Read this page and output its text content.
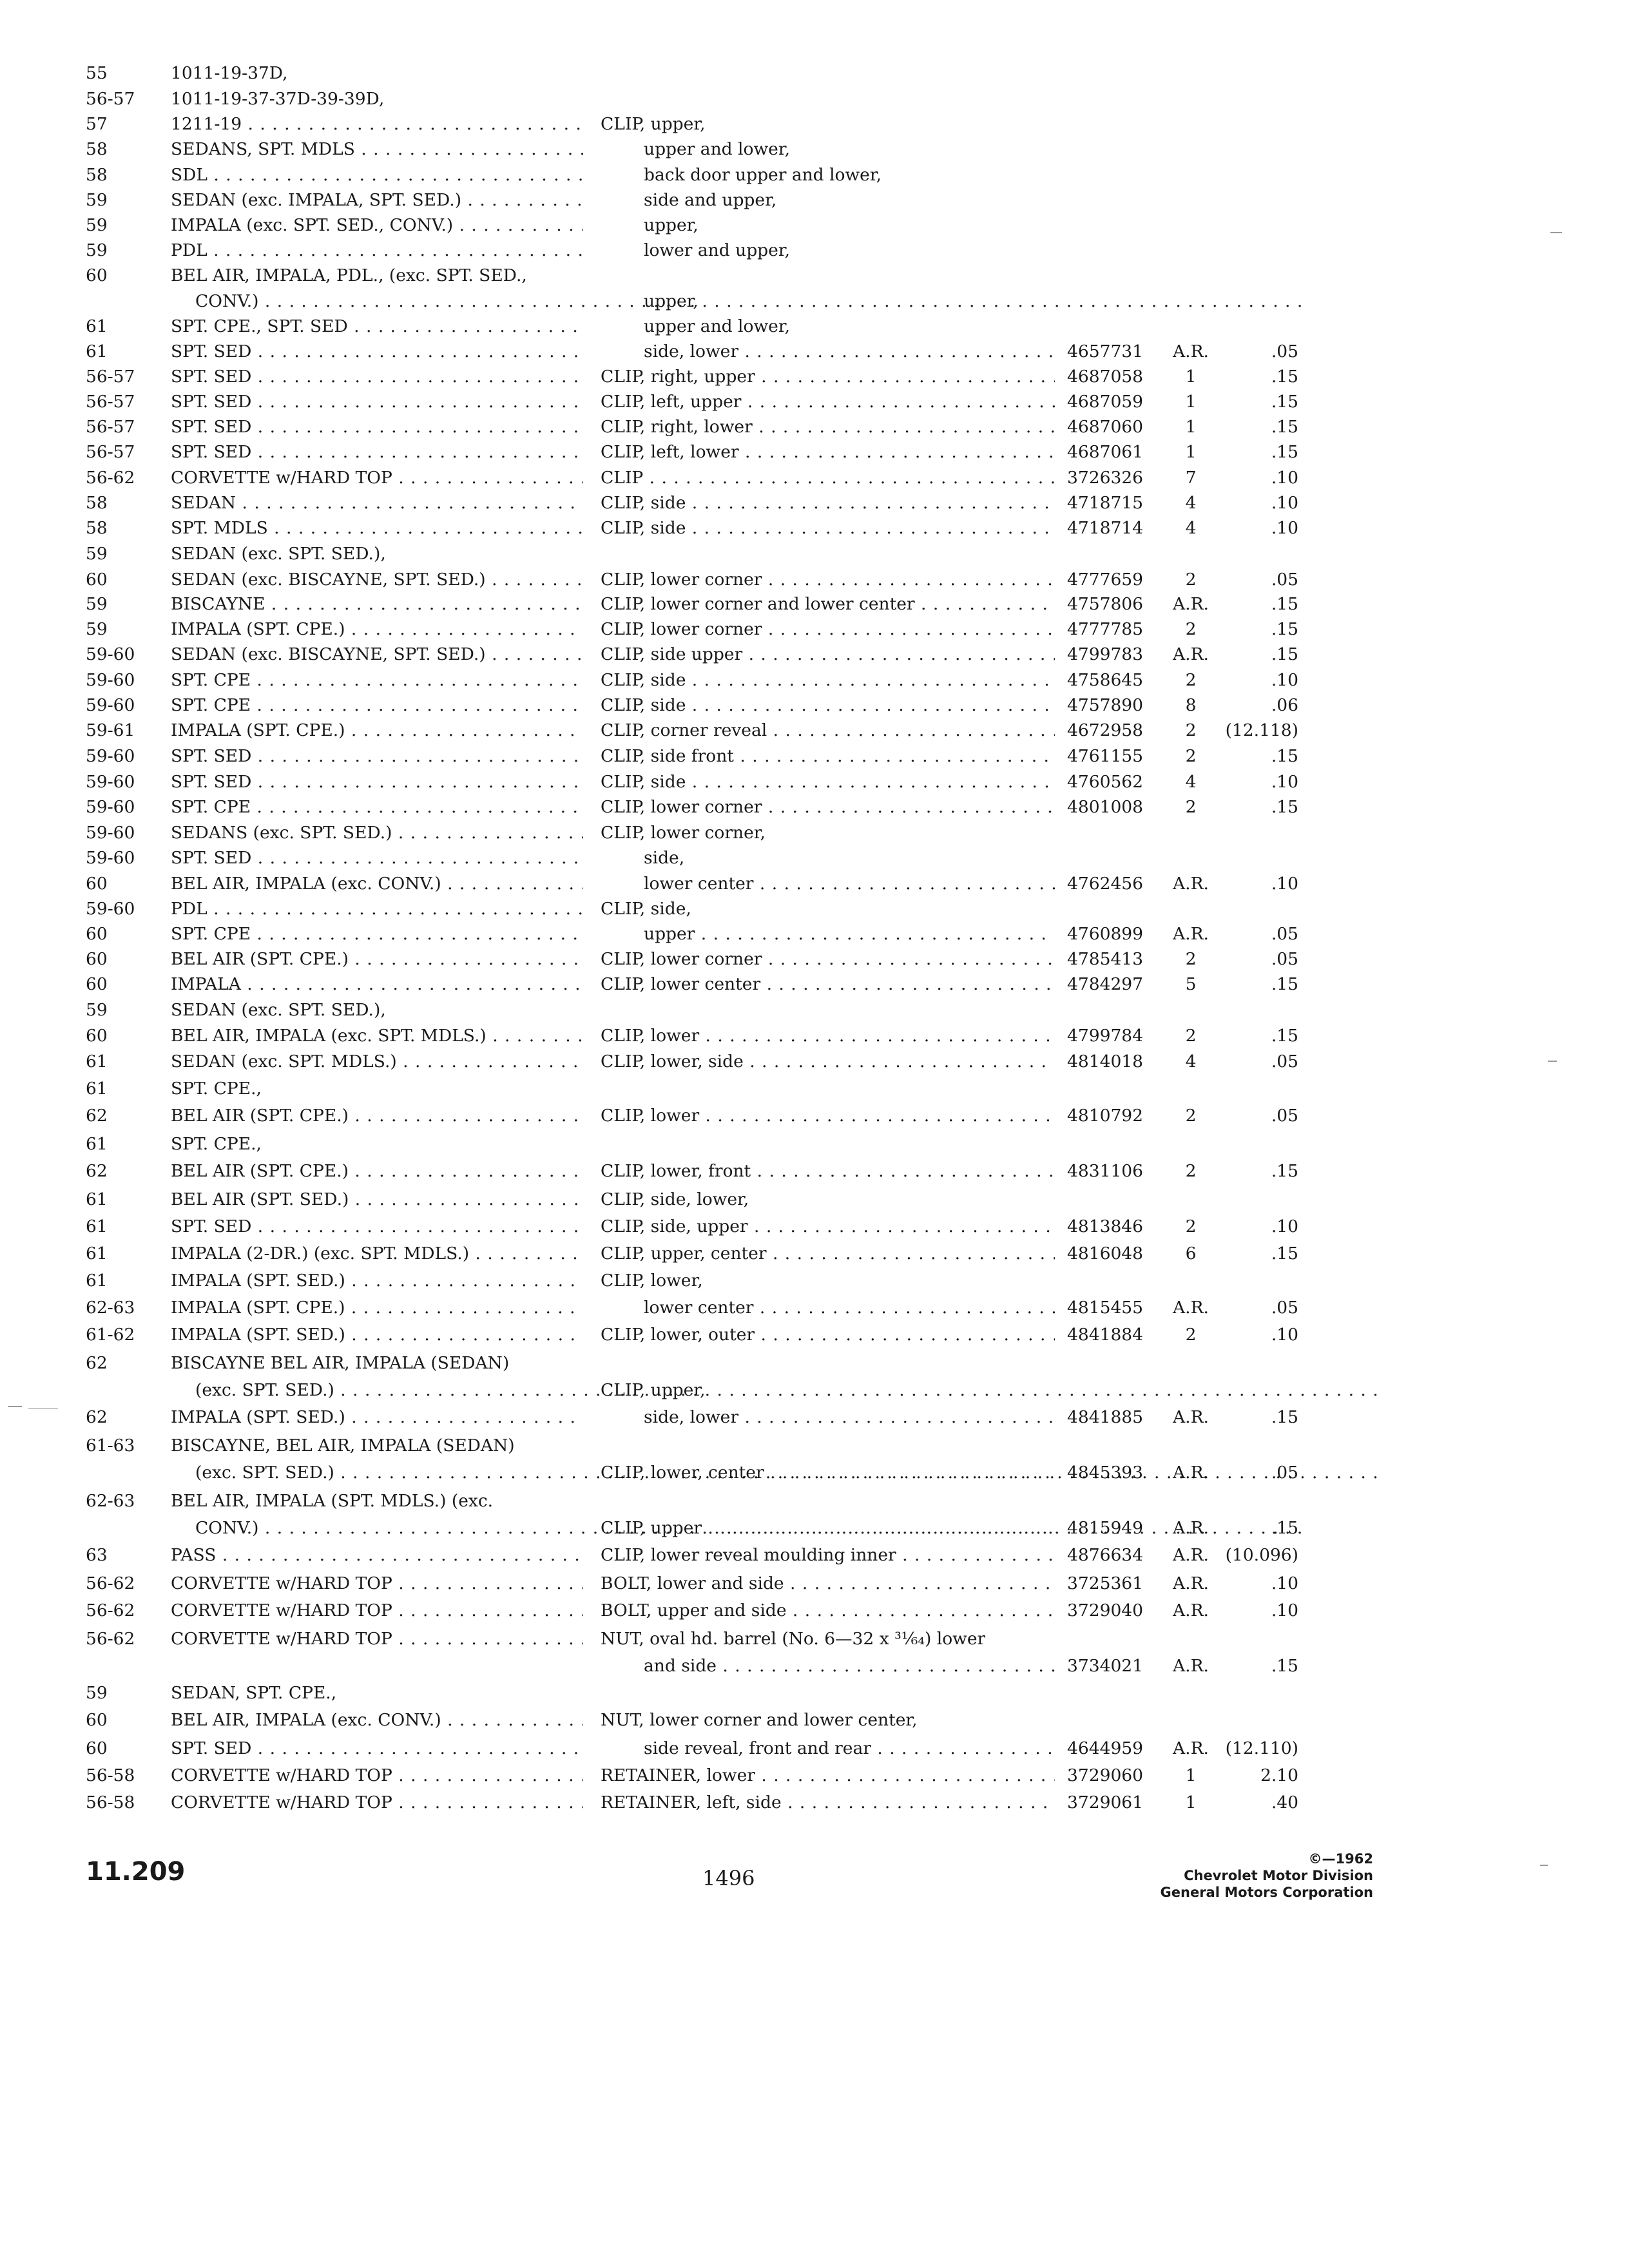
55	1011-19-37D,
56-57 1011-19-37-37D-39-39D,
57	1211-19 . . .	CLIP, upper,
58	SEDANS, SPT. MDLS . . .	upper and lower,
58	SDL . . .	back door upper and lower,
59	SEDAN (exc. IMPALA, SPT. SED.) . . .	side and upper,
59	IMPALA (exc. SPT. SED., CONV.) . . .	upper,
59	PDL . . .	lower and upper,
60	BEL AIR, IMPALA, PDL., (exc. SPT. SED.,
CONV.) . . .	upper,
61	SPT. CPE., SPT. SED . . .	upper and lower,
61	SPT. SED . . .	side, lower . . .	4657731 A.R.	.05
56-57 SPT. SED . . .	CLIP, right, upper . . .	4687058	1	.15
56-57 SPT. SED . . .	CLIP, left, upper . . .	4687059	1	.15
56-57 SPT. SED . . .	CLIP, right, lower . . .	4687060	1	.15
56-57 SPT. SED . . .	CLIP, left, lower . . .	4687061	1	.15
56-62 CORVETTE w/HARD TOP . . .	CLIP . . .	3726326	7	.10
58	SEDAN . . .	CLIP, side . . .	4718715	4	.10
58	SPT. MDLS . . .	CLIP, side . . .	4718714	4	.10
59	SEDAN (exc. SPT. SED.),
60	SEDAN (exc. BISCAYNE, SPT. SED.) . . .	CLIP, lower corner . . .	4777659	2	.05
59	BISCAYNE . . .	CLIP, lower corner and lower center . . .	4757806 A.R.	.15
59	IMPALA (SPT. CPE.) . . .	CLIP, lower corner . . .	4777785	2	.15
59-60 SEDAN (exc. BISCAYNE, SPT. SED.) . . .	CLIP, side upper . . .	4799783 A.R.	.15
59-60 SPT. CPE . . .	CLIP, side . . .	4758645	2	.10
59-60 SPT. CPE . . .	CLIP, side . . .	4757890	8	.06
59-61 IMPALA (SPT. CPE.) . . .	CLIP, corner reveal . . .	4672958	2	(12.118)
59-60 SPT. SED . . .	CLIP, side front . . .	4761155	2	.15
59-60 SPT. SED . . .	CLIP, side . . .	4760562	4	.10
59-60 SPT. CPE . . .	CLIP, lower corner . . .	4801008	2	.15
59-60 SEDANS (exc. SPT. SED.) . . .	CLIP, lower corner,
59-60 SPT. SED . . .	side,
60	BEL AIR, IMPALA (exc. CONV.) . . .	lower center . . .	4762456 A.R.	.10
59-60 PDL . . .	CLIP, side,
60	SPT. CPE . . .	upper . . .	4760899 A.R.	.05
60	BEL AIR (SPT. CPE.) . . .	CLIP, lower corner . . .	4785413	2	.05
60	IMPALA . . .	CLIP, lower center . . .	4784297	5	.15
59	SEDAN (exc. SPT. SED.),
60	BEL AIR, IMPALA (exc. SPT. MDLS.) . . .	CLIP, lower . . .	4799784	2	.15
61	SEDAN (exc. SPT. MDLS.) . . .	CLIP, lower, side . . .	4814018	4	.05
61	SPT. CPE.,
62	BEL AIR (SPT. CPE.) . . .	CLIP, lower . . .	4810792	2	.05
61	SPT. CPE.,
62	BEL AIR (SPT. CPE.) . . .	CLIP, lower, front . . .	4831106	2	.15
61	BEL AIR (SPT. SED.) . . .	CLIP, side, lower,
61	SPT. SED . . .	CLIP, side, upper . . .	4813846	2	.10
61	IMPALA (2-DR.) (exc. SPT. MDLS.) . . .	CLIP, upper, center . . .	4816048	6	.15
61	IMPALA (SPT. SED.) . . .	CLIP, lower,
62-63 IMPALA (SPT. CPE.) . . .	lower center . . .	4815455 A.R.	.05
61-62 IMPALA (SPT. SED.) . . .	CLIP, lower, outer . . .	4841884	2	.10
62	BISCAYNE BEL AIR, IMPALA (SEDAN)
(exc. SPT. SED.) . . .	CLIP, upper,
62	IMPALA (SPT. SED.) . . .	side, lower . . .	4841885 A.R.	.15
61-63 BISCAYNE, BEL AIR, IMPALA (SEDAN)
(exc. SPT. SED.) . . .	CLIP, lower, center . . .	4845393 A.R.	.05
62-63 BEL AIR, IMPALA (SPT. MDLS.) (exc.
CONV.) . . .	CLIP, upper . . .	4815949 A.R.	.15
63	PASS . . .	CLIP, lower reveal moulding inner . . .	4876634 A.R. (10.096)
56-62 CORVETTE w/HARD TOP . . .	BOLT, lower and side . . .	3725361 A.R.	.10
56-62 CORVETTE w/HARD TOP . . .	BOLT, upper and side . . .	3729040 A.R.	.10
56-62 CORVETTE w/HARD TOP . . .	NUT, oval hd. barrel (No. 6—32 x ³¹⁄₆₄) lower
and side . . .	3734021 A.R.	.15
59	SEDAN, SPT. CPE.,
60	BEL AIR, IMPALA (exc. CONV.) . . .	NUT, lower corner and lower center,
60	SPT. SED . . .	side reveal, front and rear . . .	4644959 A.R. (12.110)
56-58 CORVETTE w/HARD TOP . . .	RETAINER, lower . . .	3729060	1	2.10
56-58 CORVETTE w/HARD TOP . . .	RETAINER, left, side . . .	3729061	1	.40
11.209	1496
©—1962
Chevrolet Motor Division
General Motors Corporation
